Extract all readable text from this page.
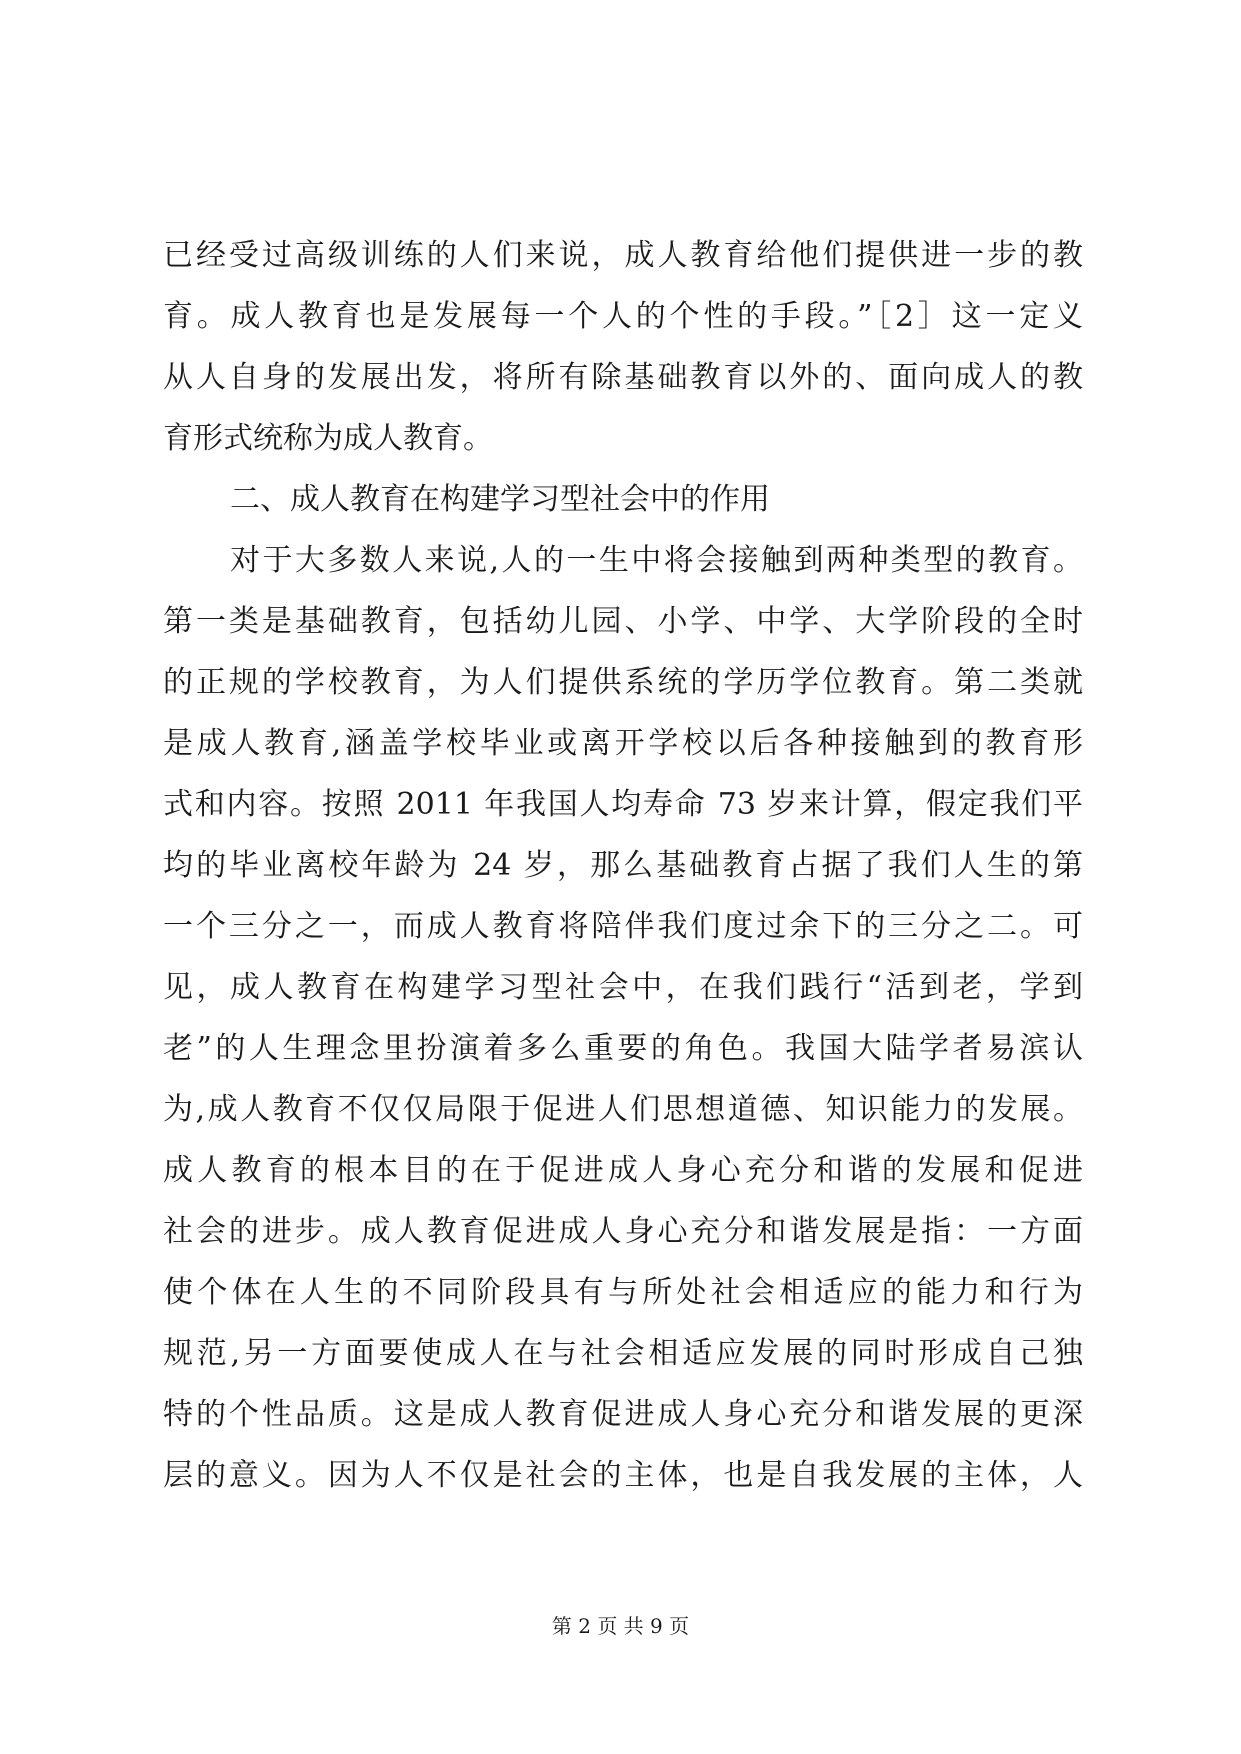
已经受过高级训练的人们来说，成人教育给他们提供进一步的教
育。成人教育也是发展每一个人的个性的手段。”［2］这一定义
从人自身的发展出发，将所有除基础教育以外的、面向成人的教
育形式统称为成人教育。
二、成人教育在构建学习型社会中的作用
对于大多数人来说,人的一生中将会接触到两种类型的教育。
第一类是基础教育，包括幼儿园、小学、中学、大学阶段的全时
的正规的学校教育，为人们提供系统的学历学位教育。第二类就
是成人教育,涵盖学校毕业或离开学校以后各种接触到的教育形
式和内容。按照 2011 年我国人均寿命 73 岁来计算，假定我们平
均的毕业离校年龄为 24 岁，那么基础教育占据了我们人生的第
一个三分之一，而成人教育将陪伴我们度过余下的三分之二。可
见，成人教育在构建学习型社会中，在我们践行“活到老，学到
老”的人生理念里扮演着多么重要的角色。我国大陆学者易滨认
为,成人教育不仅仅局限于促进人们思想道德、知识能力的发展。
成人教育的根本目的在于促进成人身心充分和谐的发展和促进
社会的进步。成人教育促进成人身心充分和谐发展是指：一方面
使个体在人生的不同阶段具有与所处社会相适应的能力和行为
规范,另一方面要使成人在与社会相适应发展的同时形成自己独
特的个性品质。这是成人教育促进成人身心充分和谐发展的更深
层的意义。因为人不仅是社会的主体，也是自我发展的主体，人
第 2 页 共 9 页
